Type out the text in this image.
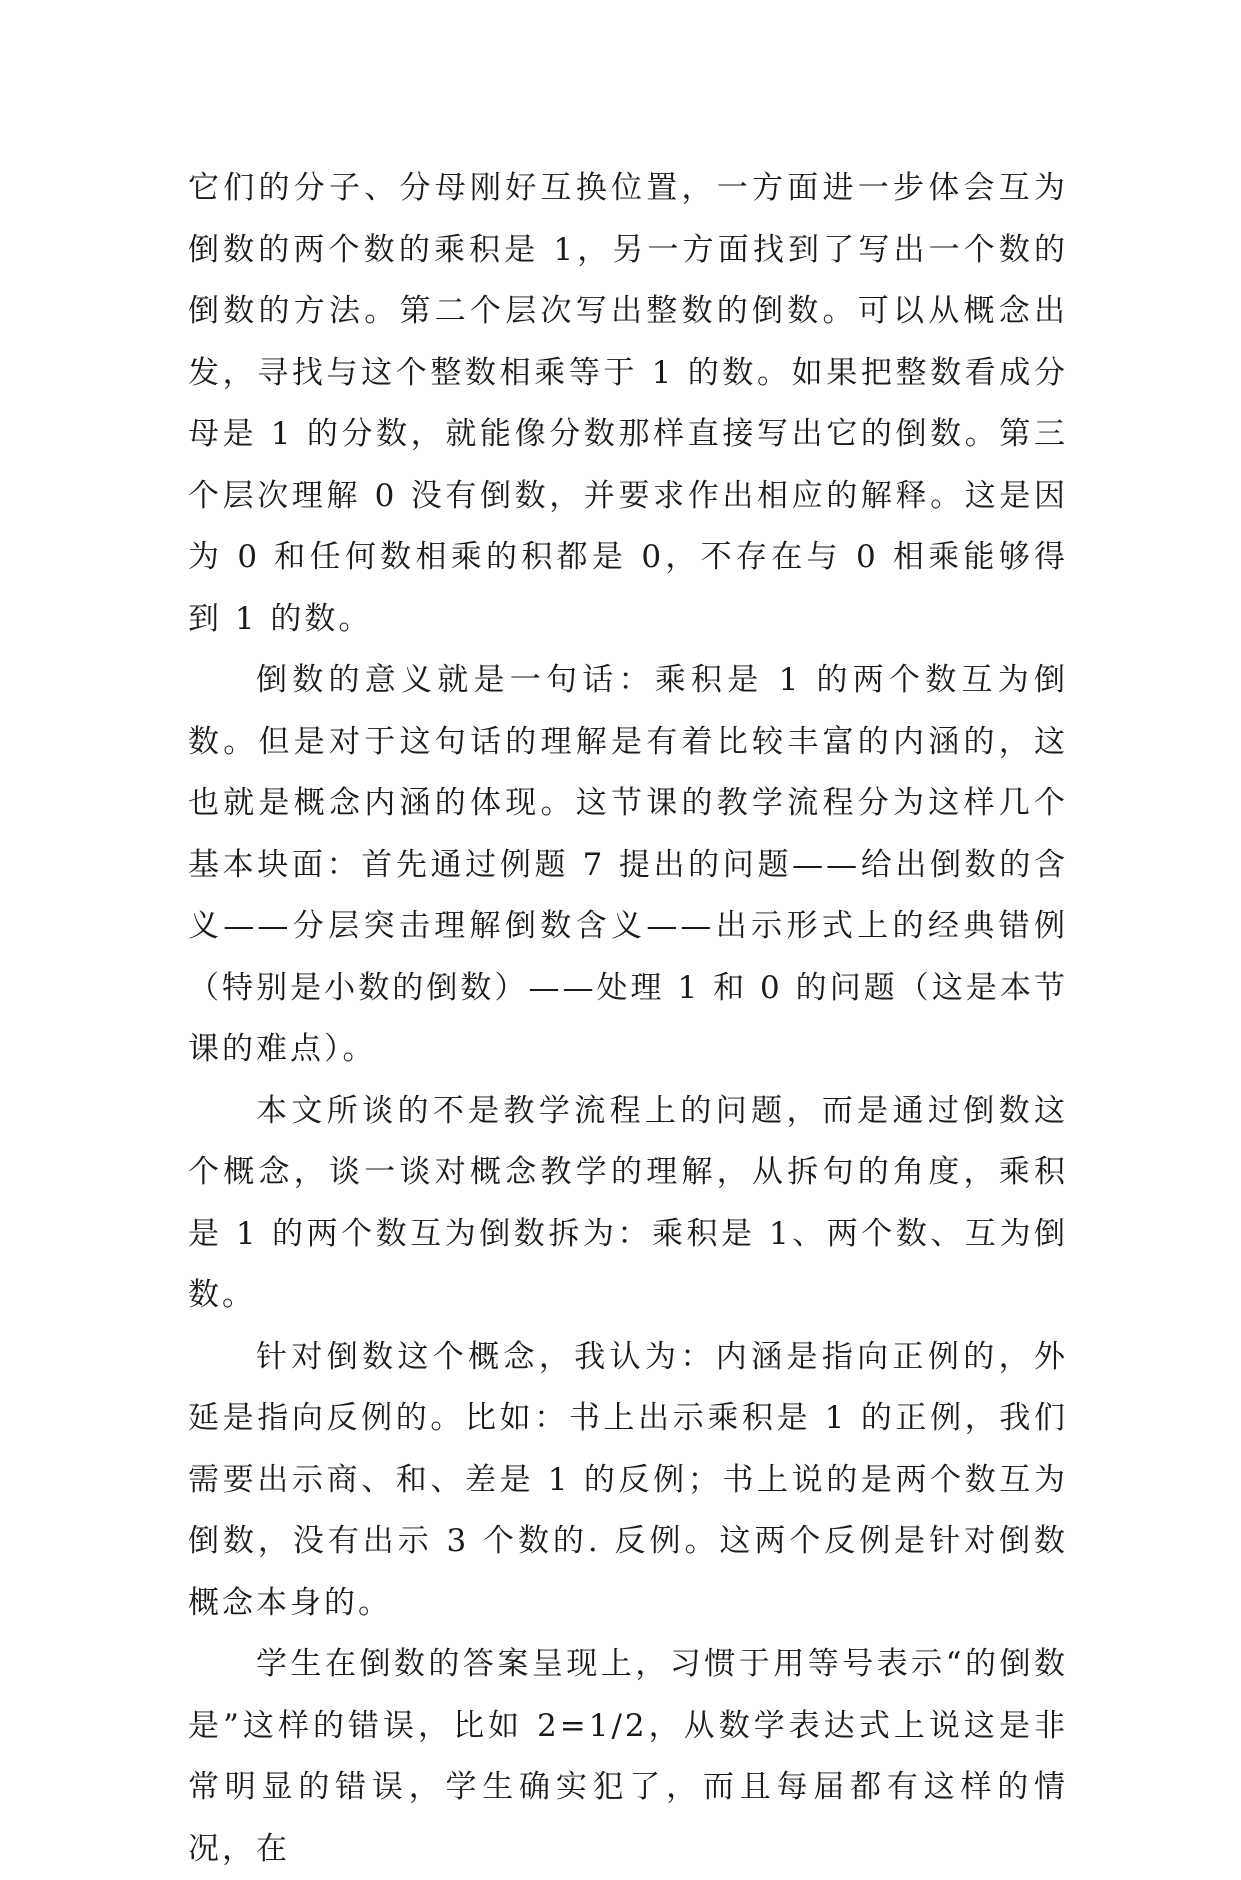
它们的分子、分母刚好互换位置，一方面进一步体会互为倒数的两个数的乘积是 1，另一方面找到了写出一个数的倒数的方法。第二个层次写出整数的倒数。可以从概念出发，寻找与这个整数相乘等于 1 的数。如果把整数看成分母是 1 的分数，就能像分数那样直接写出它的倒数。第三个层次理解 0 没有倒数，并要求作出相应的解释。这是因为 0 和任何数相乘的积都是 0，不存在与 0 相乘能够得到 1 的数。

倒数的意义就是一句话：乘积是 1 的两个数互为倒数。但是对于这句话的理解是有着比较丰富的内涵的，这也就是概念内涵的体现。这节课的教学流程分为这样几个基本块面：首先通过例题 7 提出的问题——给出倒数的含义——分层突击理解倒数含义——出示形式上的经典错例（特别是小数的倒数）——处理 1 和 0 的问题（这是本节课的难点）。

本文所谈的不是教学流程上的问题，而是通过倒数这个概念，谈一谈对概念教学的理解，从拆句的角度，乘积是 1 的两个数互为倒数拆为：乘积是 1、两个数、互为倒数。

针对倒数这个概念，我认为：内涵是指向正例的，外延是指向反例的。比如：书上出示乘积是 1 的正例，我们需要出示商、和、差是 1 的反例；书上说的是两个数互为倒数，没有出示 3 个数的. 反例。这两个反例是针对倒数概念本身的。

学生在倒数的答案呈现上，习惯于用等号表示“的倒数是”这样的错误，比如 2=1/2，从数学表达式上说这是非常明显的错误，学生确实犯了，而且每届都有这样的情况，在
